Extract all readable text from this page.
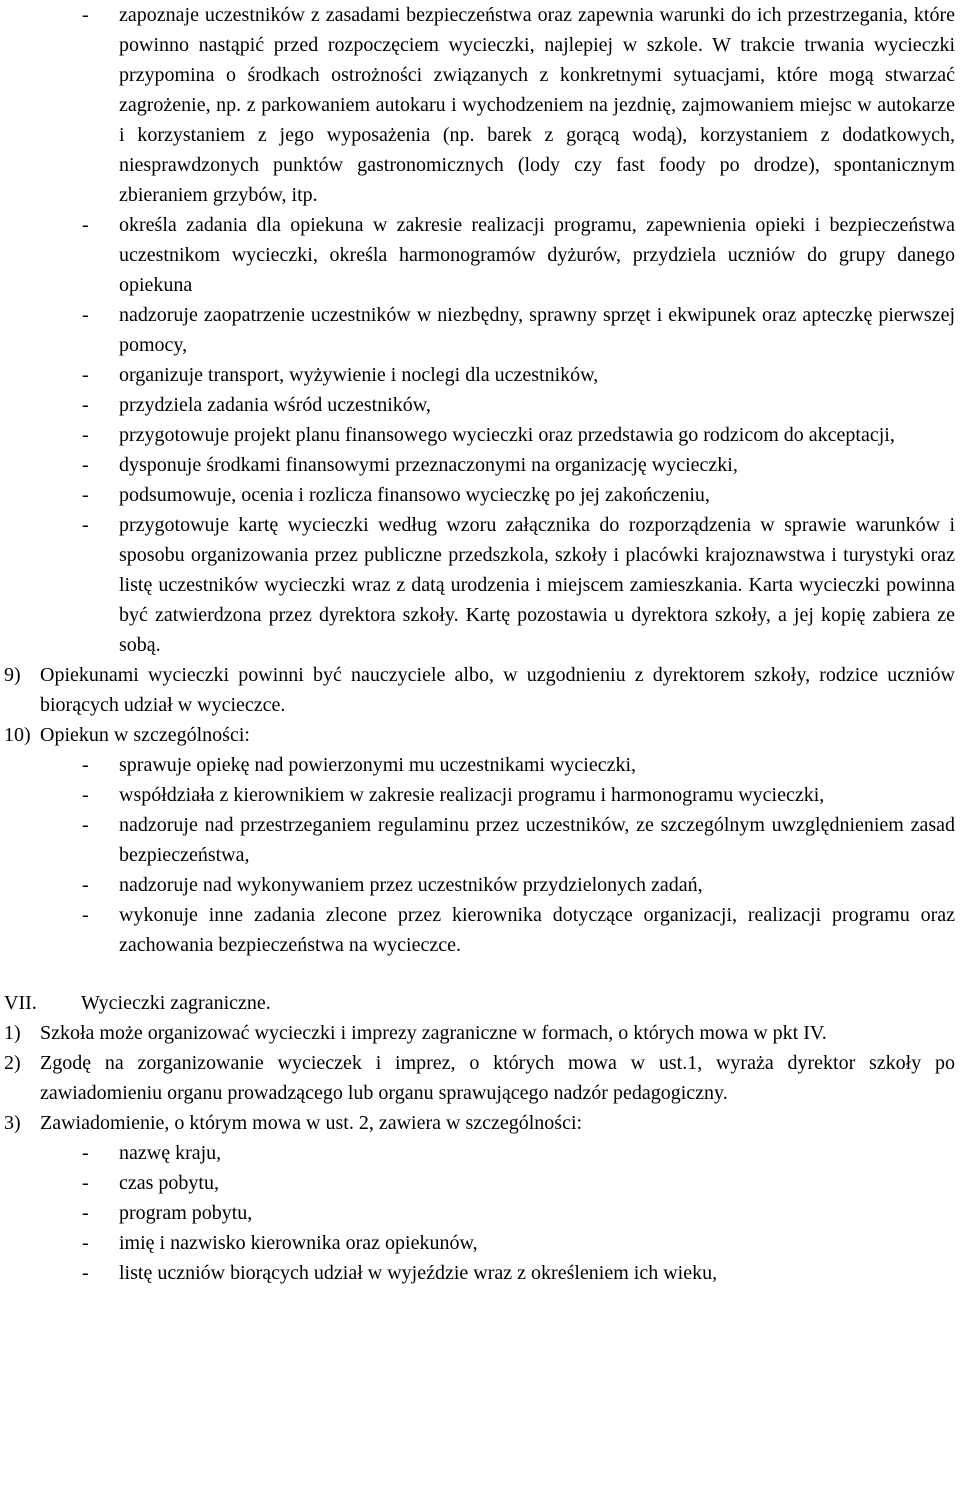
- zapoznaje uczestników z zasadami bezpieczeństwa oraz zapewnia warunki do ich przestrzegania, które powinno nastąpić przed rozpoczęciem wycieczki, najlepiej w szkole. W trakcie trwania wycieczki przypomina o środkach ostrożności związanych z konkretnymi sytuacjami, które mogą stwarzać zagrożenie, np. z parkowaniem autokaru i wychodzeniem na jezdnię, zajmowaniem miejsc w autokarze i korzystaniem z jego wyposażenia (np. barek z gorącą wodą), korzystaniem z dodatkowych, niesprawdzonych punktów gastronomicznych (lody czy fast foody po drodze), spontanicznym zbieraniem grzybów, itp.
- określa zadania dla opiekuna w zakresie realizacji programu, zapewnienia opieki i bezpieczeństwa uczestnikom wycieczki, określa harmonogramów dyżurów, przydziela uczniów do grupy danego opiekuna
- nadzoruje zaopatrzenie uczestników w niezbędny, sprawny sprzęt i ekwipunek oraz apteczkę pierwszej pomocy,
- organizuje transport, wyżywienie i noclegi dla uczestników,
- przydziela zadania wśród uczestników,
- przygotowuje projekt planu finansowego wycieczki oraz przedstawia go rodzicom do akceptacji,
- dysponuje środkami finansowymi przeznaczonymi na organizację wycieczki,
- podsumowuje, ocenia i rozlicza finansowo wycieczkę po jej zakończeniu,
- przygotowuje kartę wycieczki według wzoru załącznika do rozporządzenia w sprawie warunków i sposobu organizowania przez publiczne przedszkola, szkoły i placówki krajoznawstwa i turystyki oraz listę uczestników wycieczki wraz z datą urodzenia i miejscem zamieszkania. Karta wycieczki powinna być zatwierdzona przez dyrektora szkoły. Kartę pozostawia u dyrektora szkoły, a jej kopię zabiera ze sobą.
9) Opiekunami wycieczki powinni być nauczyciele albo, w uzgodnieniu z dyrektorem szkoły, rodzice uczniów biorących udział w wycieczce.
10) Opiekun w szczególności:
- sprawuje opiekę nad powierzonymi mu uczestnikami wycieczki,
- współdziała z kierownikiem w zakresie realizacji programu i harmonogramu wycieczki,
- nadzoruje nad przestrzeganiem regulaminu przez uczestników, ze szczególnym uwzględnieniem zasad bezpieczeństwa,
- nadzoruje nad wykonywaniem przez uczestników przydzielonych zadań,
- wykonuje inne zadania zlecone przez kierownika dotyczące organizacji, realizacji programu oraz zachowania bezpieczeństwa na wycieczce.
VII. Wycieczki zagraniczne.
1) Szkoła może organizować wycieczki i imprezy zagraniczne w formach, o których mowa w pkt IV.
2) Zgodę na zorganizowanie wycieczek i imprez, o których mowa w ust.1, wyraża dyrektor szkoły po zawiadomieniu organu prowadzącego lub organu sprawującego nadzór pedagogiczny.
3) Zawiadomienie, o którym mowa w ust. 2, zawiera w szczególności:
- nazwę kraju,
- czas pobytu,
- program pobytu,
- imię i nazwisko kierownika oraz opiekunów,
- listę uczniów biorących udział w wyjeździe wraz z określeniem ich wieku,
